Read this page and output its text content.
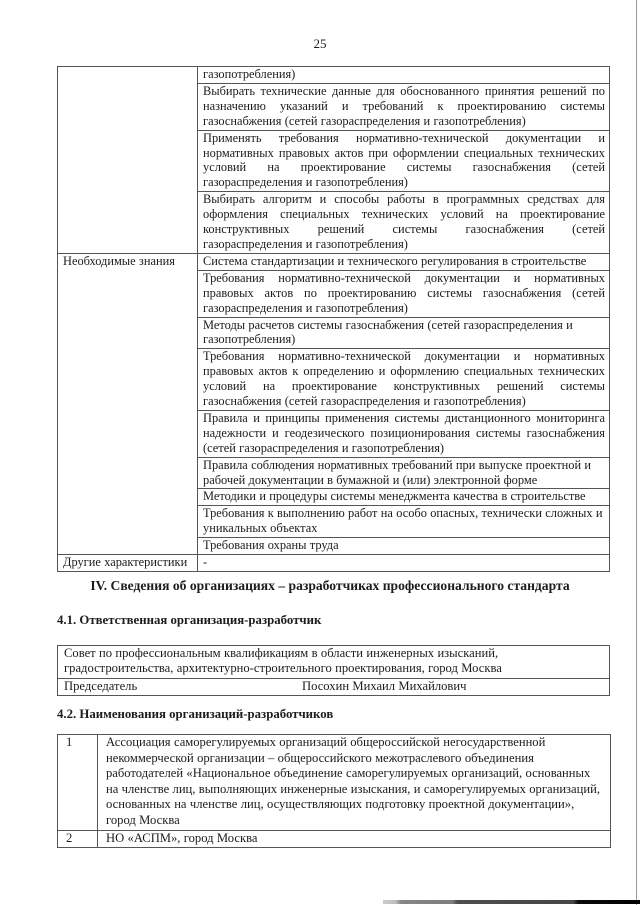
25
	газопотребления)
	Выбирать технические данные для обоснованного принятия решений по назначению указаний и требований к проектированию системы газоснабжения (сетей газораспределения и газопотребления)
	Применять требования нормативно-технической документации и нормативных правовых актов при оформлении специальных технических условий на проектирование системы газоснабжения (сетей газораспределения и газопотребления)
	Выбирать алгоритм и способы работы в программных средствах для оформления специальных технических условий на проектирование конструктивных решений системы газоснабжения (сетей газораспределения и газопотребления)
Необходимые знания	Система стандартизации и технического регулирования в строительстве
	Требования нормативно-технической документации и нормативных правовых актов по проектированию системы газоснабжения (сетей газораспределения и газопотребления)
	Методы расчетов системы газоснабжения (сетей газораспределения и газопотребления)
	Требования нормативно-технической документации и нормативных правовых актов к определению и оформлению специальных технических условий на проектирование конструктивных решений системы газоснабжения (сетей газораспределения и газопотребления)
	Правила и принципы применения системы дистанционного мониторинга надежности и геодезического позиционирования системы газоснабжения (сетей газораспределения и газопотребления)
	Правила соблюдения нормативных требований при выпуске проектной и рабочей документации в бумажной и (или) электронной форме
	Методики и процедуры системы менеджмента качества в строительстве
	Требования к выполнению работ на особо опасных, технически сложных и уникальных объектах
	Требования охраны труда
Другие характеристики	-
IV. Сведения об организациях – разработчиках профессионального стандарта
4.1. Ответственная организация-разработчик
Совет по профессиональным квалификациям в области инженерных изысканий, градостроительства, архитектурно-строительного проектирования, город Москва
Председатель	Посохин Михаил Михайлович
4.2. Наименования организаций-разработчиков
1	Ассоциация саморегулируемых организаций общероссийской негосударственной некоммерческой организации – общероссийского межотраслевого объединения работодателей «Национальное объединение саморегулируемых организаций, основанных на членстве лиц, выполняющих инженерные изыскания, и саморегулируемых организаций, основанных на членстве лиц, осуществляющих подготовку проектной документации», город Москва
2	НО «АСПМ», город Москва
